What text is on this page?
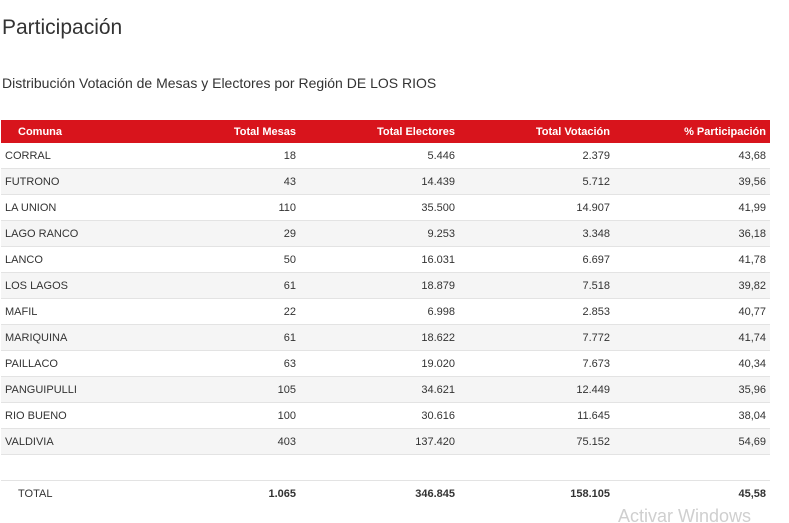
Participación
Distribución Votación de Mesas y Electores por Región DE LOS RIOS
Comuna	Total Mesas	Total Electores	Total Votación	% Participación
CORRAL	18	5.446	2.379	43,68
FUTRONO	43	14.439	5.712	39,56
LA UNION	110	35.500	14.907	41,99
LAGO RANCO	29	9.253	3.348	36,18
LANCO	50	16.031	6.697	41,78
LOS LAGOS	61	18.879	7.518	39,82
MAFIL	22	6.998	2.853	40,77
MARIQUINA	61	18.622	7.772	41,74
PAILLACO	63	19.020	7.673	40,34
PANGUIPULLI	105	34.621	12.449	35,96
RIO BUENO	100	30.616	11.645	38,04
VALDIVIA	403	137.420	75.152	54,69

TOTAL	1.065	346.845	158.105	45,58
Activar Windows
